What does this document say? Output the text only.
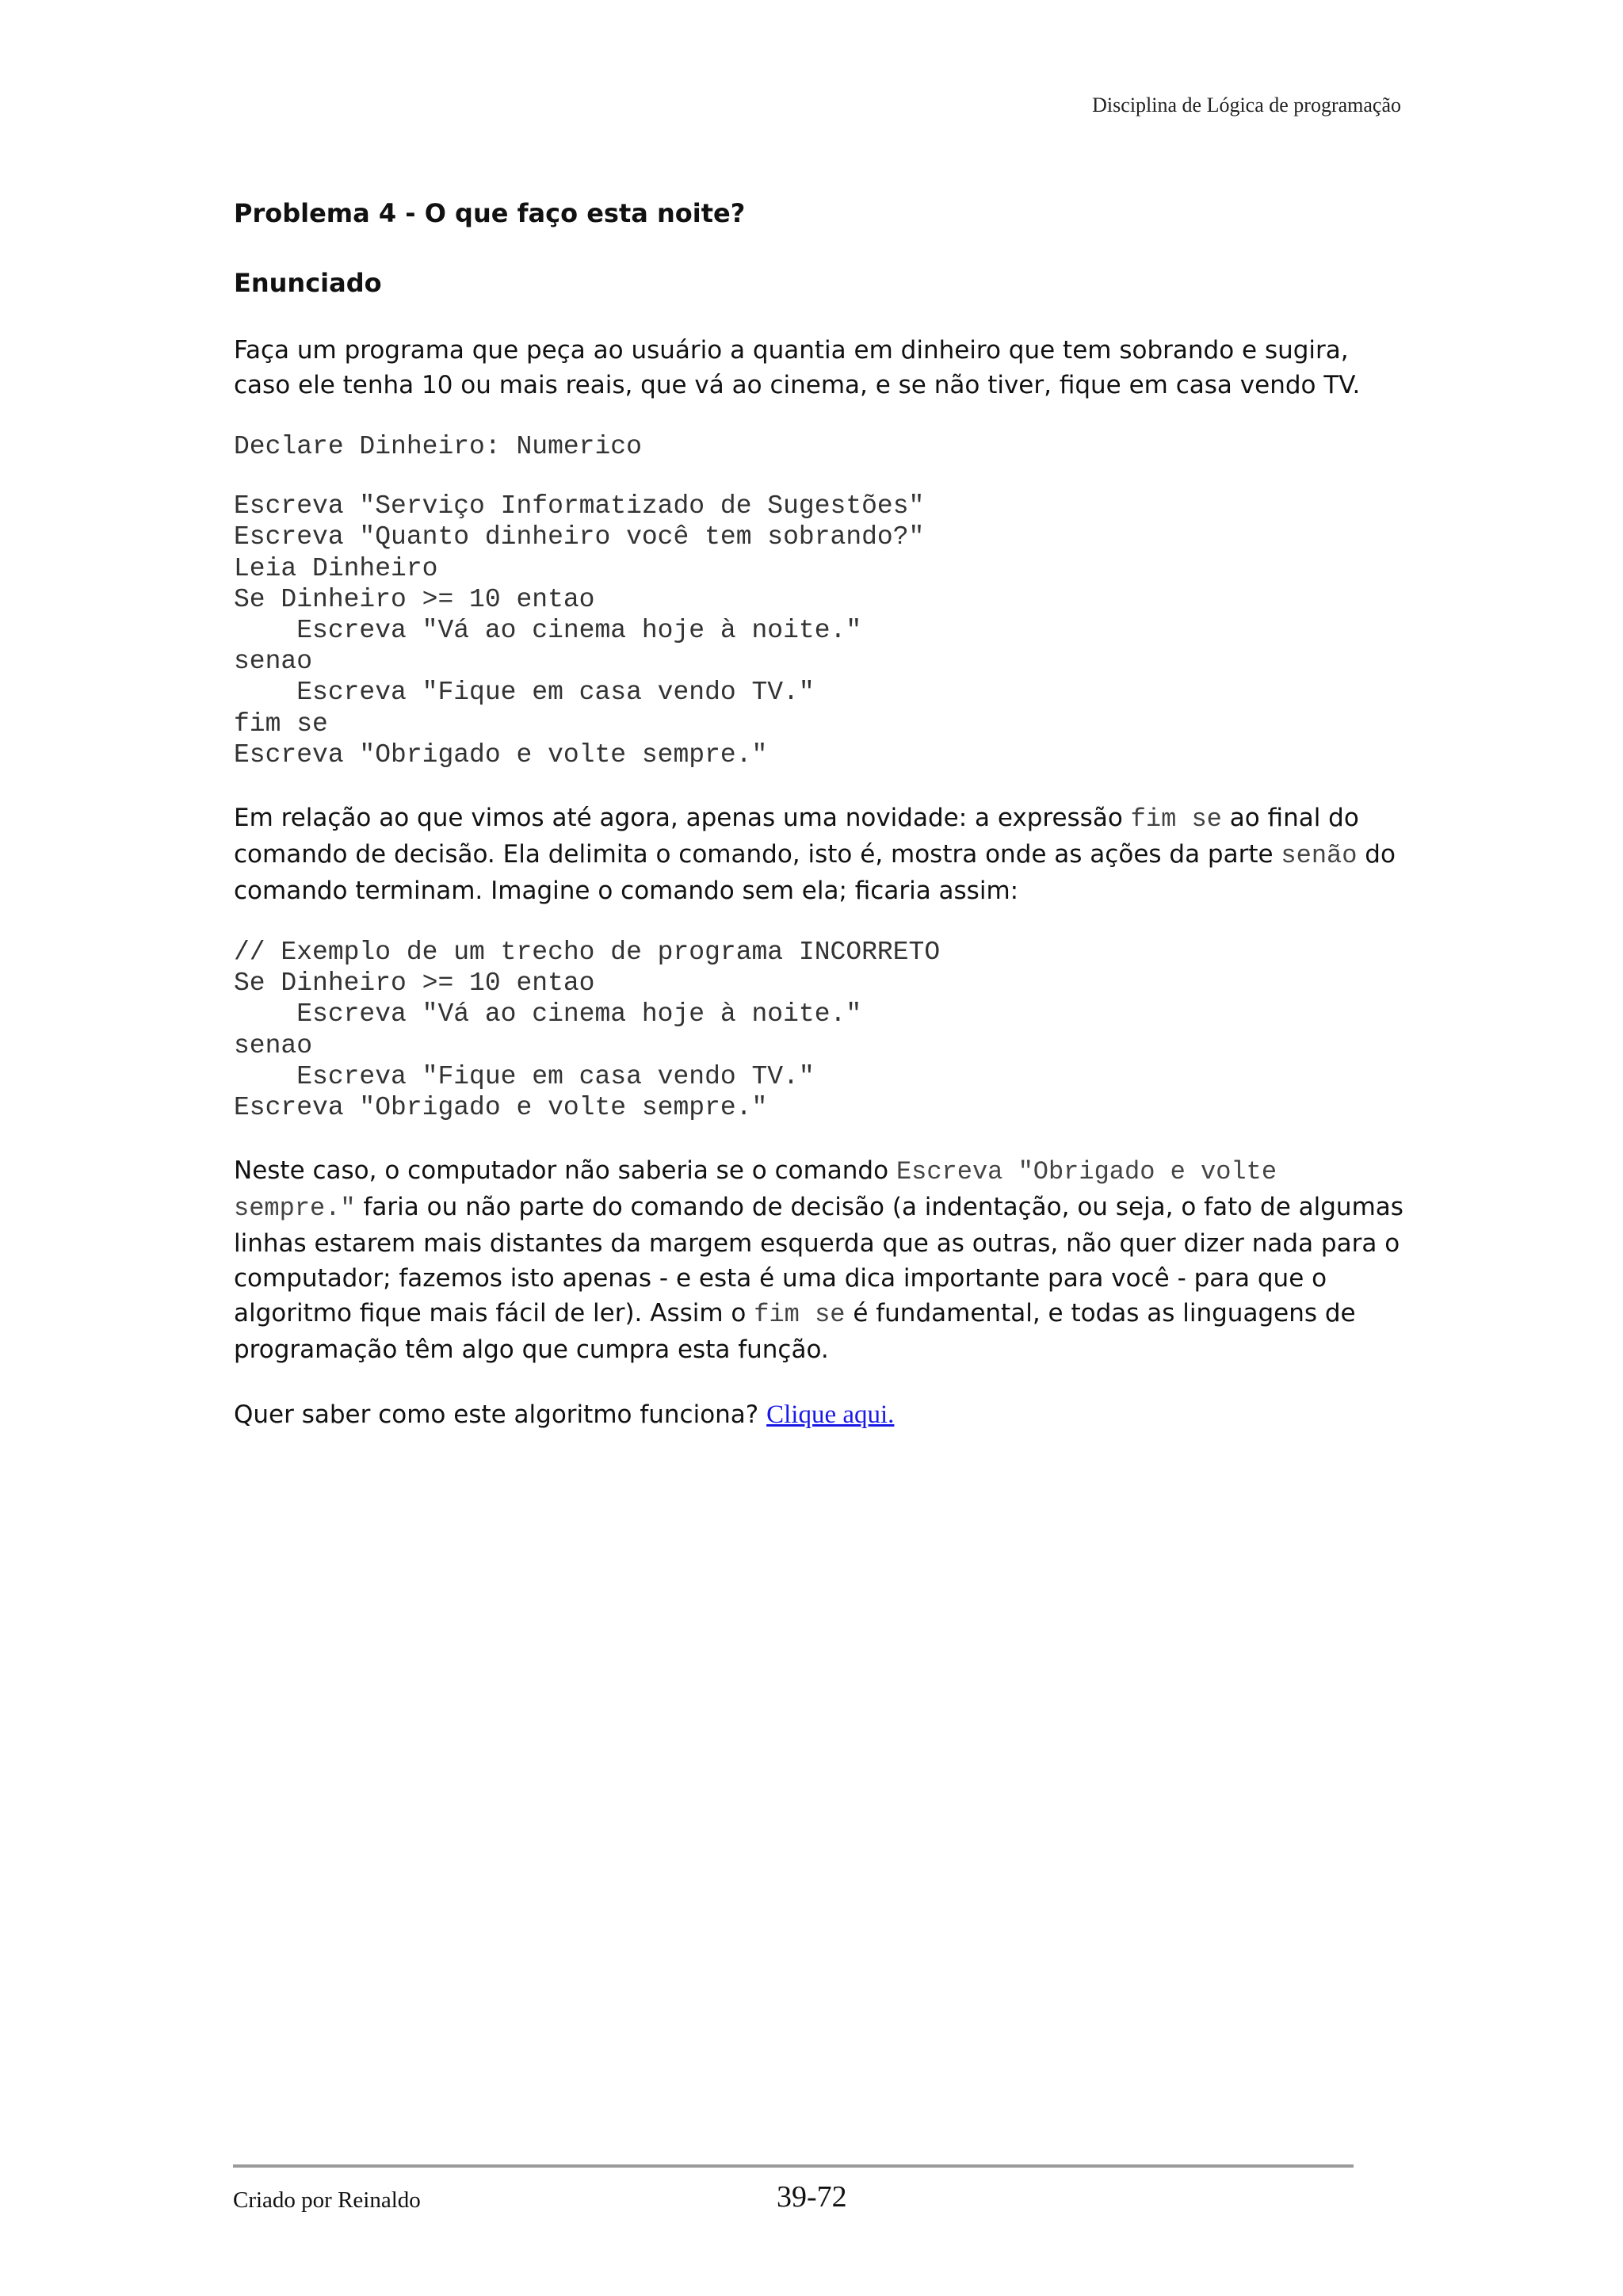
Disciplina de Lógica de programação
Problema 4 - O que faço esta noite?
Enunciado

Faça um programa que peça ao usuário a quantia em dinheiro que tem sobrando e sugira, caso ele tenha 10 ou mais reais, que vá ao cinema, e se não tiver, fique em casa vendo TV.

Declare Dinheiro: Numerico
Escreva "Serviço Informatizado de Sugestões"
Escreva "Quanto dinheiro você tem sobrando?"
Leia Dinheiro
Se Dinheiro >= 10 entao
Escreva "Vá ao cinema hoje à noite."
senao
Escreva "Fique em casa vendo TV."
fim se
Escreva "Obrigado e volte sempre."

Em relação ao que vimos até agora, apenas uma novidade: a expressão fim se ao final do comando de decisão. Ela delimita o comando, isto é, mostra onde as ações da parte senão do comando terminam. Imagine o comando sem ela; ficaria assim:

// Exemplo de um trecho de programa INCORRETO
Se Dinheiro >= 10 entao
Escreva "Vá ao cinema hoje à noite."
senao
Escreva "Fique em casa vendo TV."
Escreva "Obrigado e volte sempre."

Neste caso, o computador não saberia se o comando Escreva "Obrigado e volte sempre." faria ou não parte do comando de decisão (a indentação, ou seja, o fato de algumas linhas estarem mais distantes da margem esquerda que as outras, não quer dizer nada para o computador; fazemos isto apenas - e esta é uma dica importante para você - para que o algoritmo fique mais fácil de ler). Assim o fim se é fundamental, e todas as linguagens de programação têm algo que cumpra esta função.

Quer saber como este algoritmo funciona? Clique aqui.

Criado por Reinaldo	39-72
